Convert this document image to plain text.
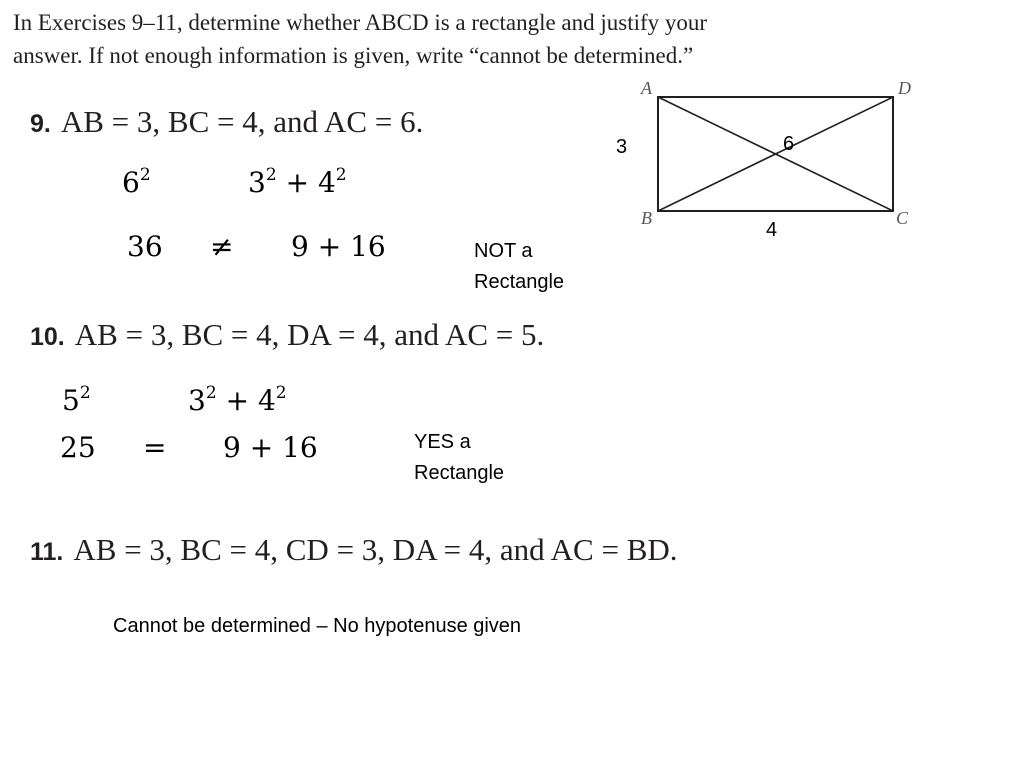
In Exercises 9–11, determine whether ABCD is a rectangle and justify your
answer. If not enough information is given, write “cannot be determined.”
9. AB = 3, BC = 4, and AC = 6.
$6^2$	$3^2 + 4^2$
36 ≠ 9 + 16	NOT a
Rectangle
A	D
B	C
3	6
4
10. AB = 3, BC = 4, DA = 4, and AC = 5.
$5^2$	$3^2 + 4^2$
25 = 9 + 16	YES a
Rectangle
11. AB = 3, BC = 4, CD = 3, DA = 4, and AC = BD.
Cannot be determined – No hypotenuse given
